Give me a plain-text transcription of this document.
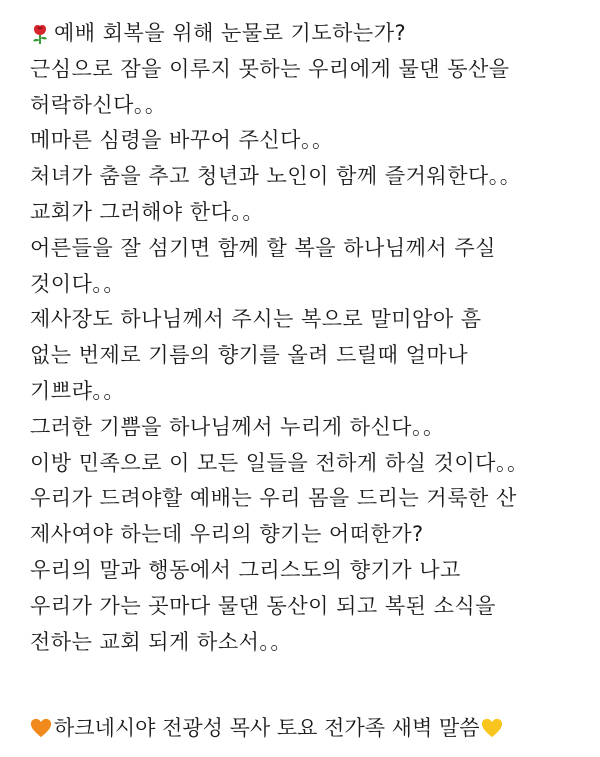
예배 회복을 위해 눈물로 기도하는가?
근심으로 잠을 이루지 못하는 우리에게 물댄 동산을
허락하신다。。
메마른 심령을 바꾸어 주신다。。
처녀가 춤을 추고 청년과 노인이 함께 즐거워한다。。
교회가 그러해야 한다。。
어른들을 잘 섬기면 함께 할 복을 하나님께서 주실
것이다。。
제사장도 하나님께서 주시는 복으로 말미암아 흠
없는 번제로 기름의 향기를 올려 드릴때 얼마나
기쁘랴。。
그러한 기쁨을 하나님께서 누리게 하신다。。
이방 민족으로 이 모든 일들을 전하게 하실 것이다。。
우리가 드려야할 예배는 우리 몸을 드리는 거룩한 산
제사여야 하는데 우리의 향기는 어떠한가?
우리의 말과 행동에서 그리스도의 향기가 나고
우리가 가는 곳마다 물댄 동산이 되고 복된 소식을
전하는 교회 되게 하소서。。
하크네시야 전광성 목사 토요 전가족 새벽 말씀
